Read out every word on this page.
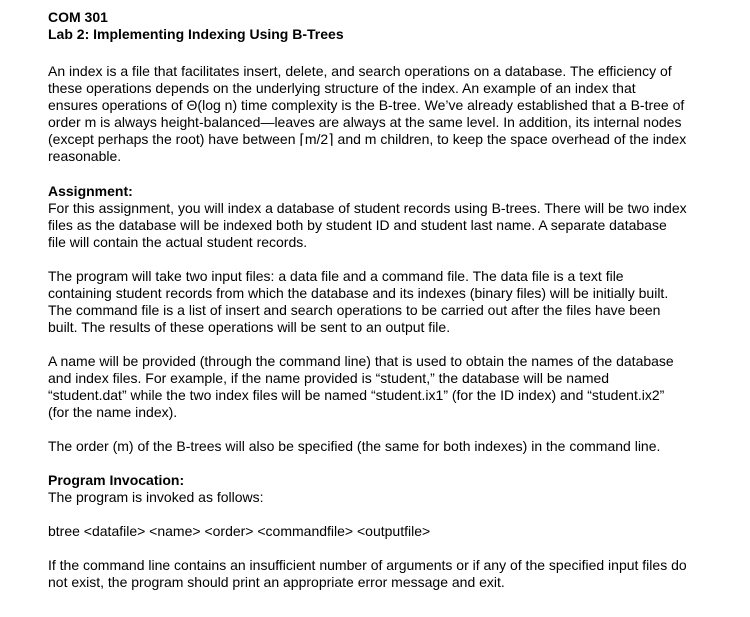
COM 301

Lab 2: Implementing Indexing Using B-Trees

An index is a file that facilitates insert, delete, and search operations on a database. The efficiency of these operations depends on the underlying structure of the index. An example of an index that ensures operations of Θ(log n) time complexity is the B-tree. We’ve already established that a B-tree of order m is always height-balanced—leaves are always at the same level. In addition, its internal nodes (except perhaps the root) have between ⌈m/2⌉ and m children, to keep the space overhead of the index reasonable.

Assignment:

For this assignment, you will index a database of student records using B-trees. There will be two index files as the database will be indexed both by student ID and student last name. A separate database file will contain the actual student records.

The program will take two input files: a data file and a command file. The data file is a text file containing student records from which the database and its indexes (binary files) will be initially built. The command file is a list of insert and search operations to be carried out after the files have been built. The results of these operations will be sent to an output file.

A name will be provided (through the command line) that is used to obtain the names of the database and index files. For example, if the name provided is “student,” the database will be named “student.dat” while the two index files will be named “student.ix1” (for the ID index) and “student.ix2” (for the name index).

The order (m) of the B-trees will also be specified (the same for both indexes) in the command line.

Program Invocation:

The program is invoked as follows:

btree <datafile> <name> <order> <commandfile> <outputfile>

If the command line contains an insufficient number of arguments or if any of the specified input files do not exist, the program should print an appropriate error message and exit.
